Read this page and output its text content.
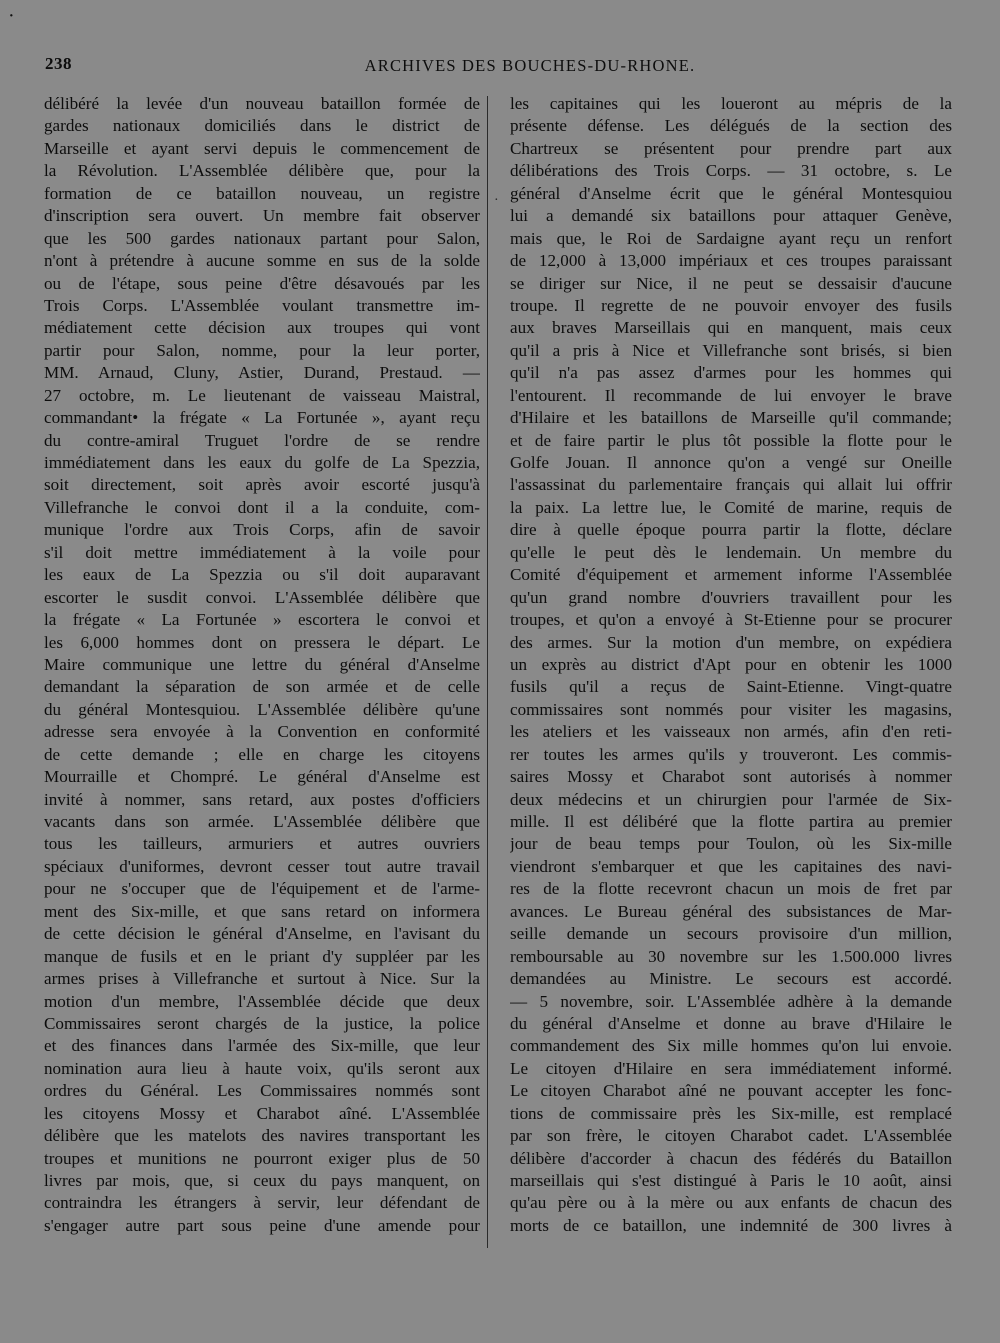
·
238	ARCHIVES DES BOUCHES-DU-RHONE.
délibéré la levée d'un nouveau bataillon formée de
gardes nationaux domiciliés dans le district de
Marseille et ayant servi depuis le commencement de
la Révolution. L'Assemblée délibère que, pour la
formation de ce bataillon nouveau, un registre
d'inscription sera ouvert. Un membre fait observer
que les 500 gardes nationaux partant pour Salon,
n'ont à prétendre à aucune somme en sus de la solde
ou de l'étape, sous peine d'être désavoués par les
Trois Corps. L'Assemblée voulant transmettre im-
médiatement cette décision aux troupes qui vont
partir pour Salon, nomme, pour la leur porter,
MM. Arnaud, Cluny, Astier, Durand, Prestaud. —
27 octobre, m. Le lieutenant de vaisseau Maistral,
commandant• la frégate « La Fortunée », ayant reçu
du contre-amiral Truguet l'ordre de se rendre
immédiatement dans les eaux du golfe de La Spezzia,
soit directement, soit après avoir escorté jusqu'à
Villefranche le convoi dont il a la conduite, com-
munique l'ordre aux Trois Corps, afin de savoir
s'il doit mettre immédiatement à la voile pour
les eaux de La Spezzia ou s'il doit auparavant
escorter le susdit convoi. L'Assemblée délibère que
la frégate « La Fortunée » escortera le convoi et
les 6,000 hommes dont on pressera le départ. Le
Maire communique une lettre du général d'Anselme
demandant la séparation de son armée et de celle
du général Montesquiou. L'Assemblée délibère qu'une
adresse sera envoyée à la Convention en conformité
de cette demande ; elle en charge les citoyens
Mourraille et Chompré. Le général d'Anselme est
invité à nommer, sans retard, aux postes d'officiers
vacants dans son armée. L'Assemblée délibère que
tous les tailleurs, armuriers et autres ouvriers
spéciaux d'uniformes, devront cesser tout autre travail
pour ne s'occuper que de l'équipement et de l'arme-
ment des Six-mille, et que sans retard on informera
de cette décision le général d'Anselme, en l'avisant du
manque de fusils et en le priant d'y suppléer par les
armes prises à Villefranche et surtout à Nice. Sur la
motion d'un membre, l'Assemblée décide que deux
Commissaires seront chargés de la justice, la police
et des finances dans l'armée des Six-mille, que leur
nomination aura lieu à haute voix, qu'ils seront aux
ordres du Général. Les Commissaires nommés sont
les citoyens Mossy et Charabot aîné. L'Assemblée
délibère que les matelots des navires transportant les
troupes et munitions ne pourront exiger plus de 50
livres par mois, que, si ceux du pays manquent, on
contraindra les étrangers à servir, leur défendant de
s'engager autre part sous peine d'une amende pour
·
les capitaines qui les loueront au mépris de la
présente défense. Les délégués de la section des
Chartreux se présentent pour prendre part aux
délibérations des Trois Corps. — 31 octobre, s. Le
général d'Anselme écrit que le général Montesquiou
lui a demandé six bataillons pour attaquer Genève,
mais que, le Roi de Sardaigne ayant reçu un renfort
de 12,000 à 13,000 impériaux et ces troupes paraissant
se diriger sur Nice, il ne peut se dessaisir d'aucune
troupe. Il regrette de ne pouvoir envoyer des fusils
aux braves Marseillais qui en manquent, mais ceux
qu'il a pris à Nice et Villefranche sont brisés, si bien
qu'il n'a pas assez d'armes pour les hommes qui
l'entourent. Il recommande de lui envoyer le brave
d'Hilaire et les bataillons de Marseille qu'il commande;
et de faire partir le plus tôt possible la flotte pour le
Golfe Jouan. Il annonce qu'on a vengé sur Oneille
l'assassinat du parlementaire français qui allait lui offrir
la paix. La lettre lue, le Comité de marine, requis de
dire à quelle époque pourra partir la flotte, déclare
qu'elle le peut dès le lendemain. Un membre du
Comité d'équipement et armement informe l'Assemblée
qu'un grand nombre d'ouvriers travaillent pour les
troupes, et qu'on a envoyé à St-Etienne pour se procurer
des armes. Sur la motion d'un membre, on expédiera
un exprès au district d'Apt pour en obtenir les 1000
fusils qu'il a reçus de Saint-Etienne. Vingt-quatre
commissaires sont nommés pour visiter les magasins,
les ateliers et les vaisseaux non armés, afin d'en reti-
rer toutes les armes qu'ils y trouveront. Les commis-
saires Mossy et Charabot sont autorisés à nommer
deux médecins et un chirurgien pour l'armée de Six-
mille. Il est délibéré que la flotte partira au premier
jour de beau temps pour Toulon, où les Six-mille
viendront s'embarquer et que les capitaines des navi-
res de la flotte recevront chacun un mois de fret par
avances. Le Bureau général des subsistances de Mar-
seille demande un secours provisoire d'un million,
remboursable au 30 novembre sur les 1.500.000 livres
demandées au Ministre. Le secours est accordé.
— 5 novembre, soir. L'Assemblée adhère à la demande
du général d'Anselme et donne au brave d'Hilaire le
commandement des Six mille hommes qu'on lui envoie.
Le citoyen d'Hilaire en sera immédiatement informé.
Le citoyen Charabot aîné ne pouvant accepter les fonc-
tions de commissaire près les Six-mille, est remplacé
par son frère, le citoyen Charabot cadet. L'Assemblée
délibère d'accorder à chacun des fédérés du Bataillon
marseillais qui s'est distingué à Paris le 10 août, ainsi
qu'au père ou à la mère ou aux enfants de chacun des
morts de ce bataillon, une indemnité de 300 livres à
